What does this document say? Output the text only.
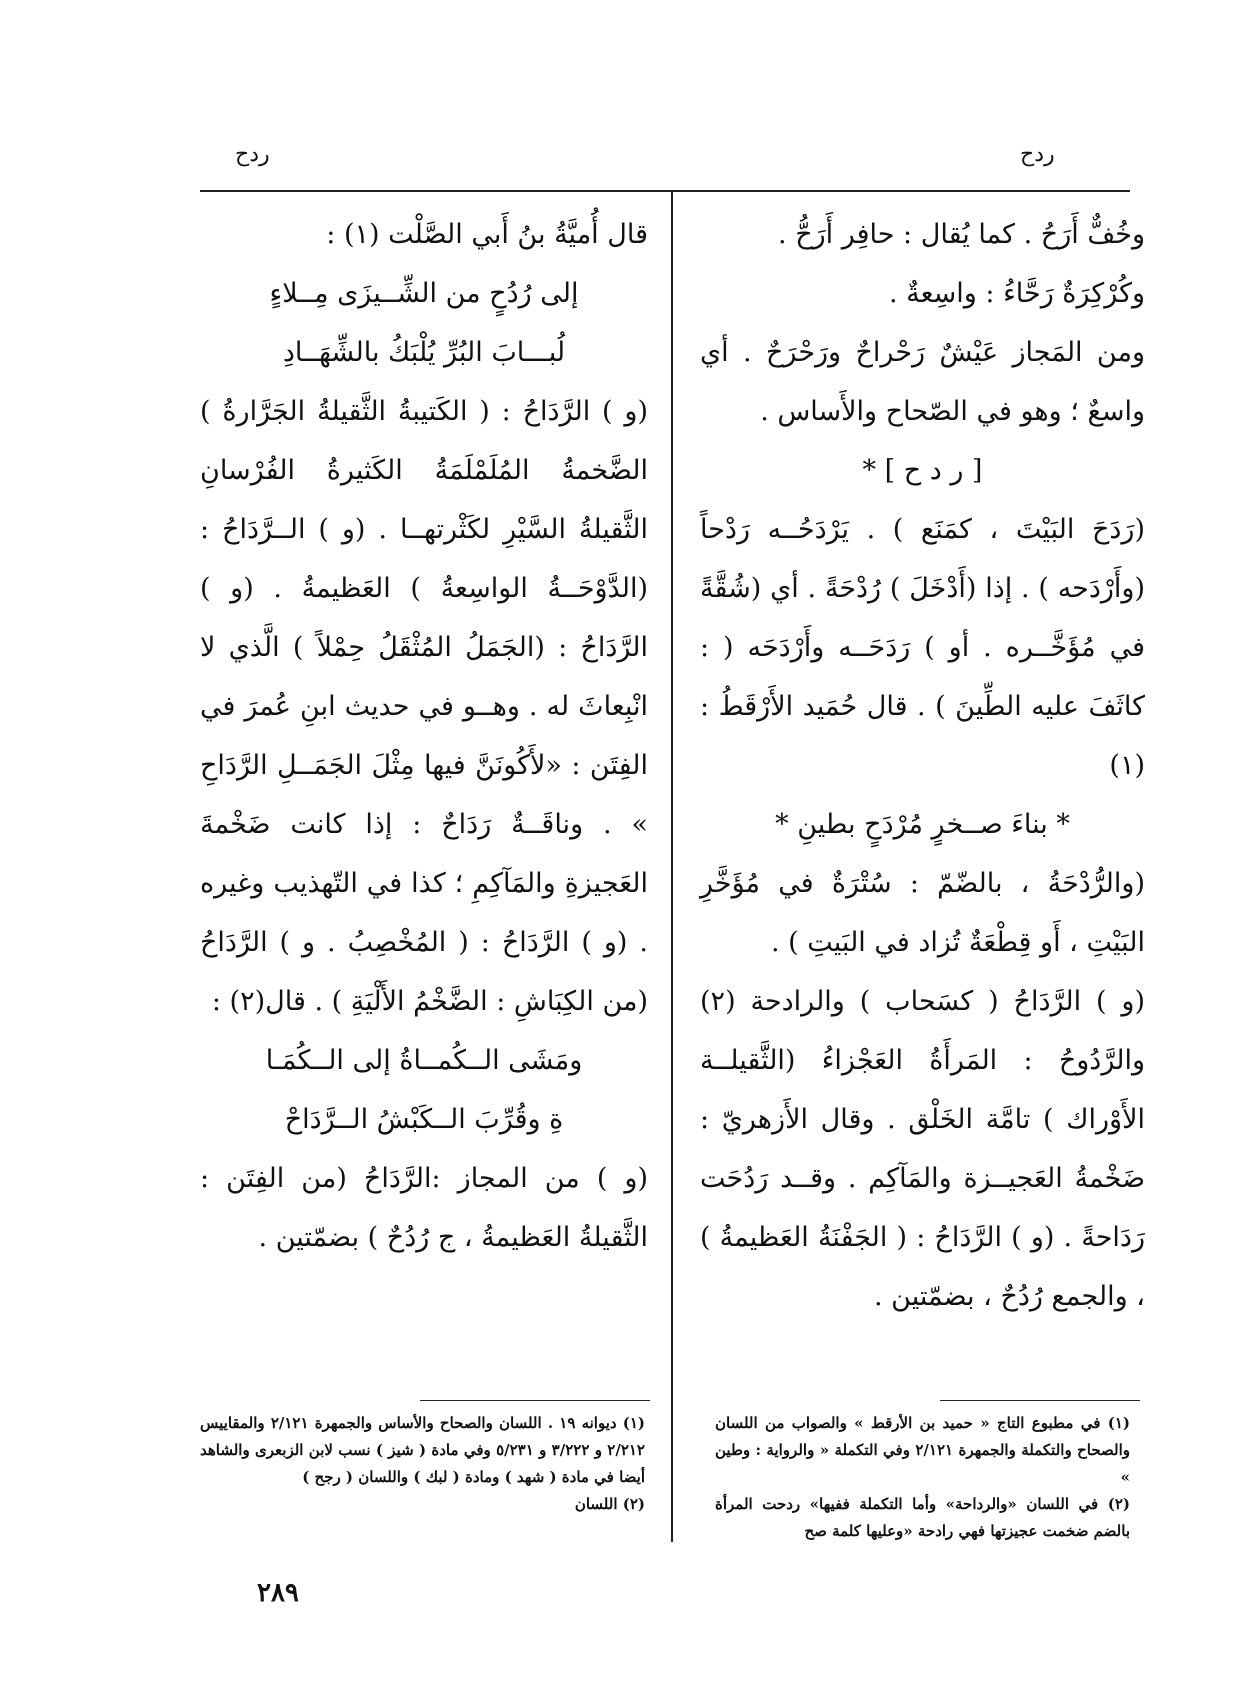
ردح
ردح

وخُفٌّ أَرَحُ . كما يُقال : حافِر أَرَحُّ .

وكُرْكِرَةٌ رَحَّاءُ : واسِعةٌ .

ومن المَجاز عَيْشٌ رَحْراحٌ ورَحْرَحٌ . أي واسعٌ ؛ وهو في الصّحاح والأَساس .

[ ر د ح ] *

(رَدَحَ البَيْتَ ، كمَنَع ) . يَرْدَحُــه رَدْحاً (وأَرْدَحه ) . إذا (أَدْخَلَ ) رُدْحَةً . أي (شُقَّةً في مُؤَخَّــره . أو ) رَدَحَــه وأَرْدَحَه ( : كاثَفَ عليه الطِّينَ ) . قال حُمَيد الأَرْقَطُ : (١)

* بناءَ صــخرٍ مُرْدَحٍ بطينِ *

(والرُّدْحَةُ ، بالضّمّ : سُتْرَةٌ في مُؤَخَّرِ البَيْتِ ، أَو قِطْعَةٌ تُزاد في البَيتِ ) .

(و ) الرَّدَاحُ ( كسَحاب ) والرادحة (٢) والرَّدُوحُ : المَرأَةُ العَجْزاءُ (الثَّقيلــة الأَوْراك ) تامَّة الخَلْق . وقال الأَزهريّ : ضَخْمةُ العَجيــزة والمَآكِم . وقــد رَدُحَت رَدَاحةً . (و ) الرَّدَاحُ : ( الجَفْنَةُ العَظيمةُ ) ، والجمع رُدُحٌ ، بضمّتين .

قال أُميَّةُ بنُ أَبي الصَّلْت (١) :

إلى رُدُحٍ من الشِّــيزَى مِــلاءٍ

لُبـــابَ البُرِّ يُلْبَكُ بالشِّهَــادِ

(و ) الرَّدَاحُ : ( الكَتيبةُ الثَّقيلةُ الجَرَّارةُ ) الضَّخمةُ المُلَمْلَمَةُ الكَثيرةُ الفُرْسانِ الثَّقيلةُ السَّيْرِ لكَثْرتهــا . (و ) الــرَّدَاحُ : (الدَّوْحَــةُ الواسِعةُ ) العَظيمةُ . (و ) الرَّدَاحُ : (الجَمَلُ المُثْقَلُ حِمْلاً ) الَّذي لا انْبِعاثَ له . وهــو في حديث ابنِ عُمرَ في الفِتَن : «لأَكُونَنَّ فيها مِثْلَ الجَمَــلِ الرَّدَاحِ » . وناقَــةٌ رَدَاحٌ : إذا كانت ضَخْمةَ العَجيزةِ والمَآكِمِ ؛ كذا في التّهذيب وغيره . (و ) الرَّدَاحُ : ( المُخْصِبُ . و ) الرَّدَاحُ (من الكِبَاشِ : الضَّخْمُ الأَلْيَةِ ) . قال(٢) :

ومَشَى الــكُمــاةُ إلى الــكُمَـا

ةِ وقُرِّبَ الــكَبْشُ الــرَّدَاحْ

(و ) من المجاز :الرَّدَاحُ (من الفِتَن : الثَّقيلةُ العَظيمةُ ، ج رُدُحٌ ) بضمّتين .

(١) في مطبوع التاج « حميد بن الأرقط » والصواب من اللسان والصحاح والتكملة والجمهرة ٢/١٢١ وفي التكملة « والرواية : وطين »

(٢) في اللسان «والرداحة» وأما التكملة ففيها» ردحت المرأة بالضم ضخمت عجيزتها فهي رادحة «وعليها كلمة صح

(١) ديوانه ١٩ . اللسان والصحاح والأساس والجمهرة ٢/١٢١ والمقاييس ٢/٢١٢ و ٣/٢٢٢ و ٥/٢٣١ وفي مادة ( شيز ) نسب لابن الزبعرى والشاهد أيضا في مادة ( شهد ) ومادة ( لبك ) واللسان ( رجح )

(٢) اللسان

٢٨٩
